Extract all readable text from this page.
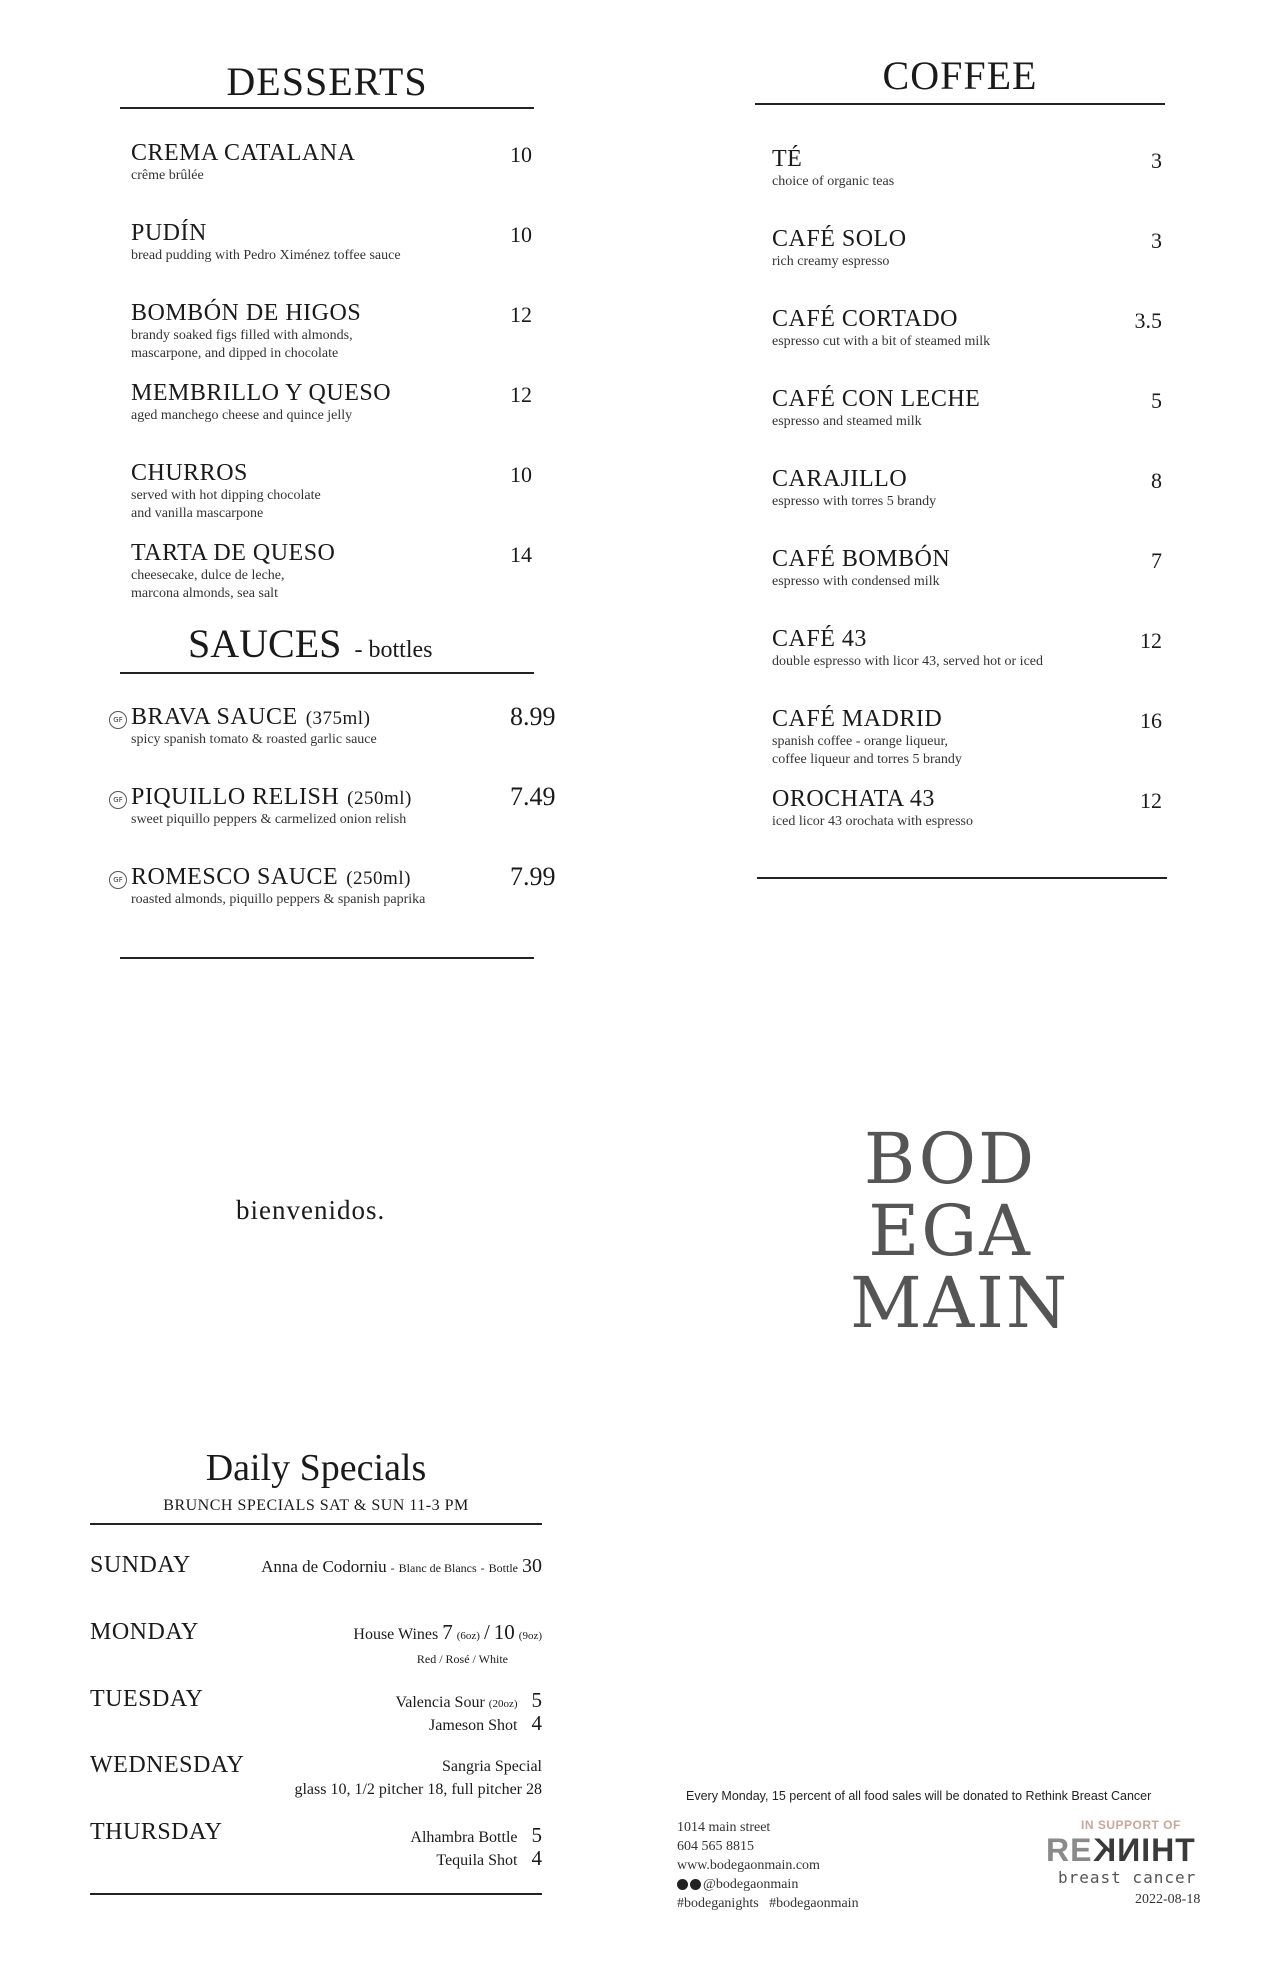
DESSERTS
CREMA CATALANA
crême brûlée
10
PUDÍN
bread pudding with Pedro Ximénez toffee sauce
10
BOMBÓN DE HIGOS
brandy soaked figs filled with almonds,
mascarpone, and dipped in chocolate
12
MEMBRILLO Y QUESO
aged manchego cheese and quince jelly
12
CHURROS
served with hot dipping chocolate
and vanilla mascarpone
10
TARTA DE QUESO
cheesecake, dulce de leche,
marcona almonds, sea salt
14
SAUCES - bottles
GF BRAVA SAUCE (375ml)
spicy spanish tomato & roasted garlic sauce
8.99
GF PIQUILLO RELISH (250ml)
sweet piquillo peppers & carmelized onion relish
7.49
GF ROMESCO SAUCE (250ml)
roasted almonds, piquillo peppers & spanish paprika
7.99
COFFEE
TÉ
choice of organic teas
3
CAFÉ SOLO
rich creamy espresso
3
CAFÉ CORTADO
espresso cut with a bit of steamed milk
3.5
CAFÉ CON LECHE
espresso and steamed milk
5
CARAJILLO
espresso with torres 5 brandy
8
CAFÉ BOMBÓN
espresso with condensed milk
7
CAFÉ 43
double espresso with licor 43, served hot or iced
12
CAFÉ MADRID
spanish coffee - orange liqueur,
coffee liqueur and torres 5 brandy
16
OROCHATA 43
iced licor 43 orochata with espresso
12
bienvenidos.
BOD
EGA
MAIN
Daily Specials
BRUNCH SPECIALS SAT & SUN 11-3 PM
SUNDAY	Anna de Codorniu - Blanc de Blancs - Bottle 30
MONDAY	House Wines 7 (6oz) / 10 (9oz)
Red / Rosé / White
TUESDAY	Valencia Sour (20oz) 5
Jameson Shot 4
WEDNESDAY	Sangria Special
glass 10, 1/2 pitcher 18, full pitcher 28
THURSDAY	Alhambra Bottle 5
Tequila Shot 4
Every Monday, 15 percent of all food sales will be donated to Rethink Breast Cancer
1014 main street
604 565 8815
www.bodegaonmain.com
@bodegaonmain
#bodeganights   #bodegaonmain
IN SUPPORT OF
RETHINK
breast cancer
2022-08-18
